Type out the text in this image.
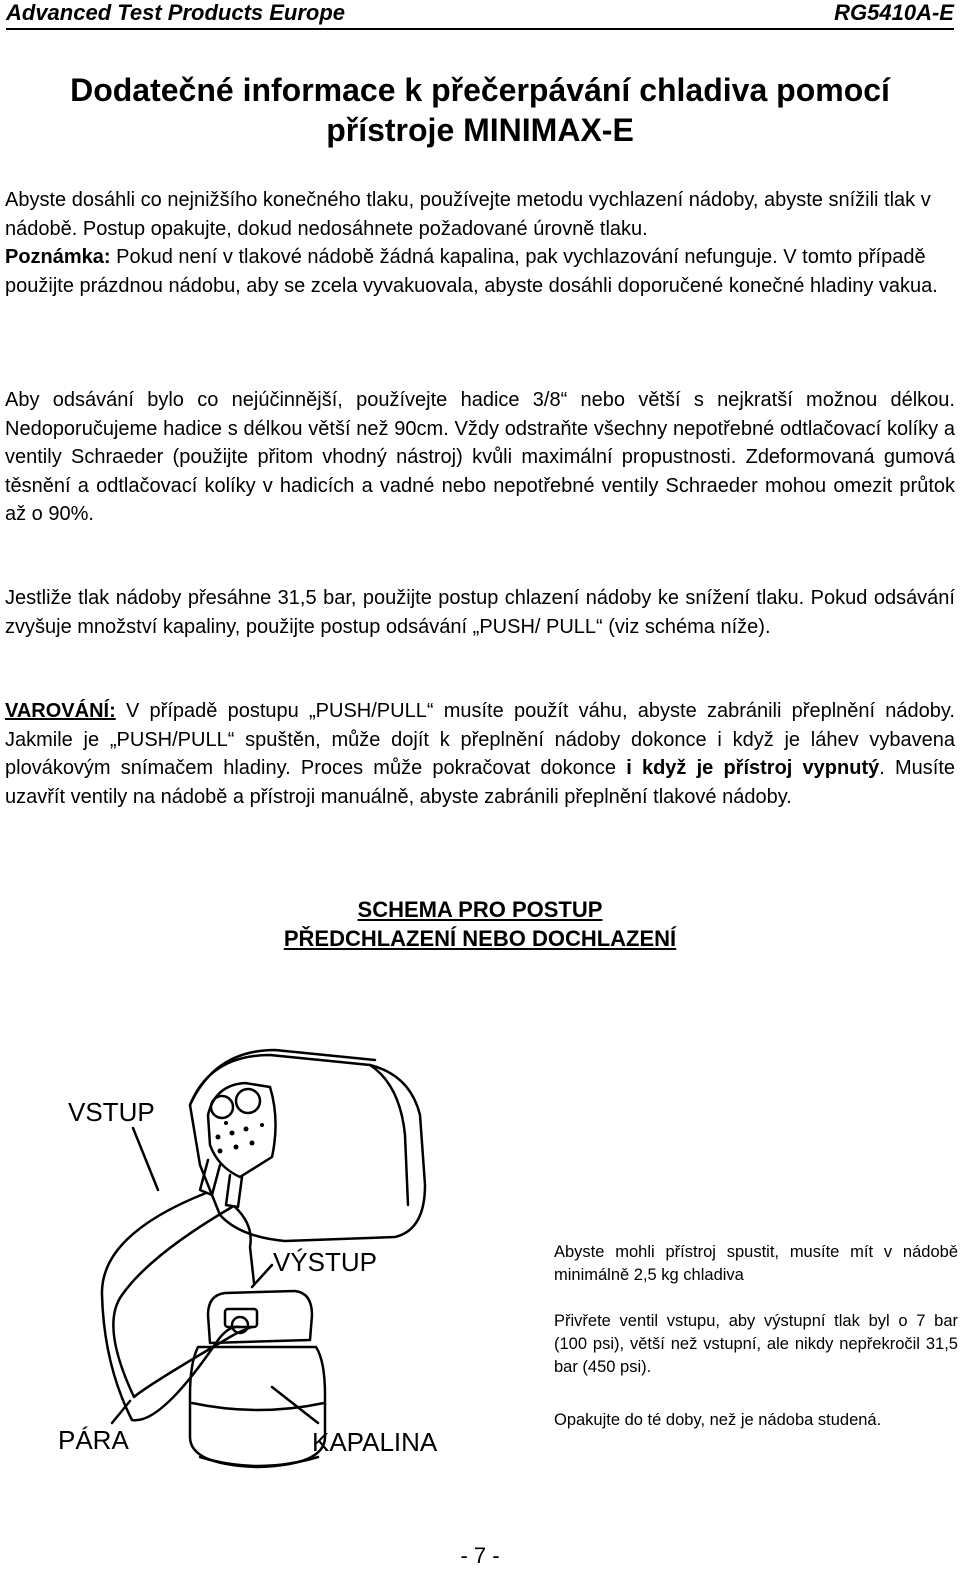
Advanced Test Products Europe	RG5410A-E
Dodatečné informace k přečerpávání chladiva pomocí
přístroje MINIMAX-E
Abyste dosáhli co nejnižšího konečného tlaku, používejte metodu vychlazení nádoby, abyste snížili tlak v nádobě. Postup opakujte, dokud nedosáhnete požadované úrovně tlaku.
Poznámka: Pokud není v tlakové nádobě žádná kapalina, pak vychlazování nefunguje. V tomto případě použijte prázdnou nádobu, aby se zcela vyvakuovala, abyste dosáhli doporučené konečné hladiny vakua.
Aby odsávání bylo co nejúčinnější, používejte hadice 3/8“ nebo větší s nejkratší možnou délkou. Nedoporučujeme hadice s délkou větší než 90cm. Vždy odstraňte všechny nepotřebné odtlačovací kolíky a ventily Schraeder (použijte přitom vhodný nástroj) kvůli maximální propustnosti. Zdeformovaná gumová těsnění a odtlačovací kolíky v hadicích a vadné nebo nepotřebné ventily Schraeder mohou omezit průtok až o 90%.
Jestliže tlak nádoby přesáhne 31,5 bar, použijte postup chlazení nádoby ke snížení tlaku. Pokud odsávání zvyšuje množství kapaliny, použijte postup odsávání „PUSH/ PULL“ (viz schéma níže).
VAROVÁNÍ: V případě postupu „PUSH/PULL“ musíte použít váhu, abyste zabránili přeplnění nádoby. Jakmile je „PUSH/PULL“ spuštěn, může dojít k přeplnění nádoby dokonce i když je láhev vybavena plovákovým snímačem hladiny. Proces může pokračovat dokonce i když je přístroj vypnutý. Musíte uzavřít ventily na nádobě a přístroji manuálně, abyste zabránili přeplnění tlakové nádoby.
SCHEMA PRO POSTUP
PŘEDCHLAZENÍ NEBO DOCHLAZENÍ
VSTUP
VÝSTUP
PÁRA	KAPALINA
Abyste mohli přístroj spustit, musíte mít v nádobě minimálně 2,5 kg chladiva
Přivřete ventil vstupu, aby výstupní tlak byl o 7 bar (100 psi), větší než vstupní, ale nikdy nepřekročil 31,5 bar (450 psi).
Opakujte do té doby, než je nádoba studená.
- 7 -
